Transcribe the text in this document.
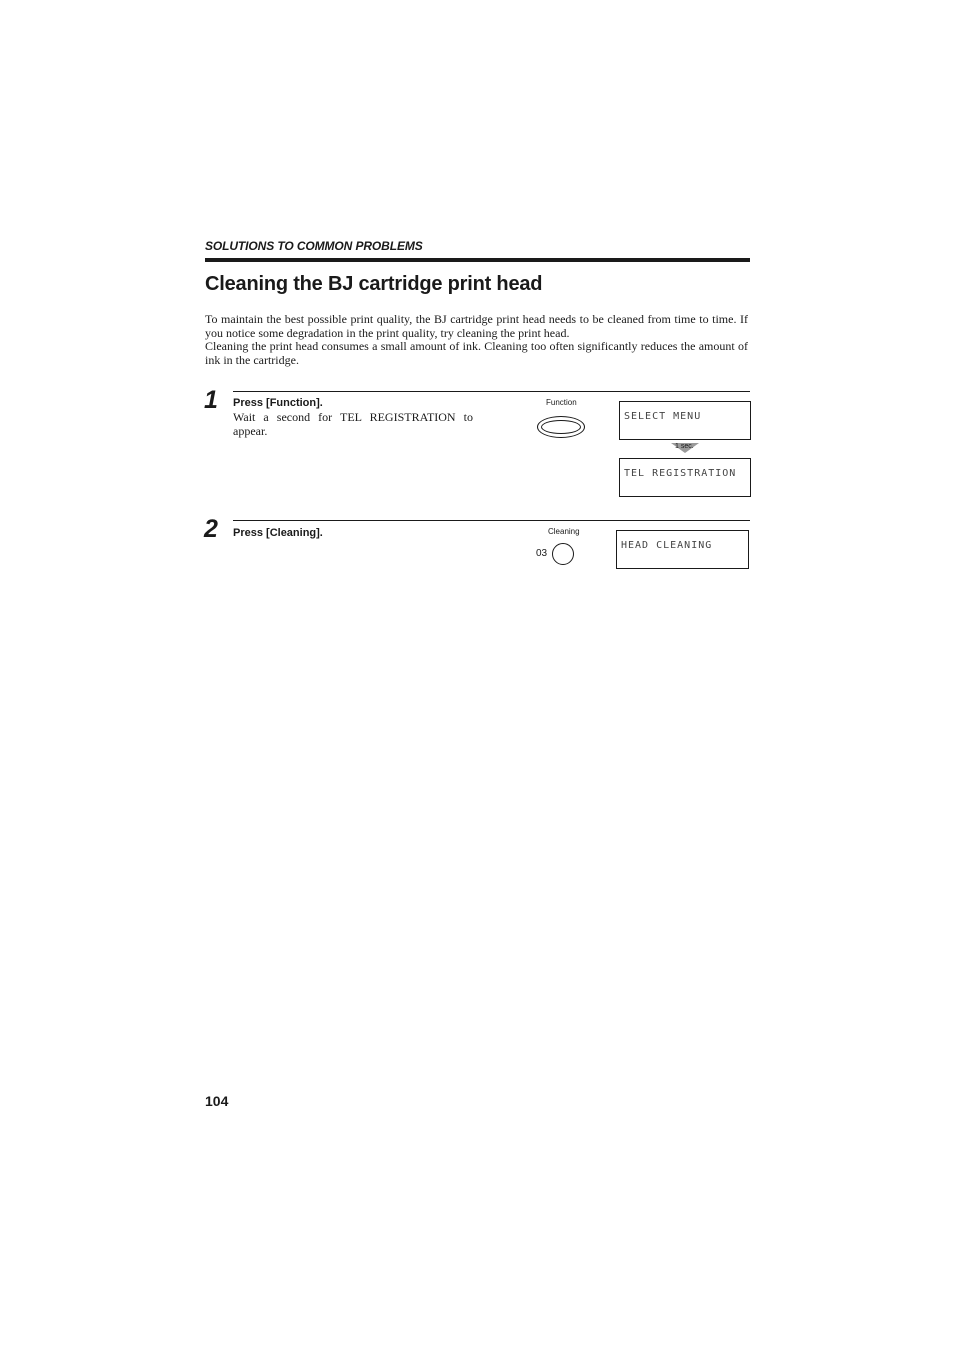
SOLUTIONS TO COMMON PROBLEMS
Cleaning the BJ cartridge print head

To maintain the best possible print quality, the BJ cartridge print head needs to be cleaned from time to time. If you notice some degradation in the print quality, try cleaning the print head.

Cleaning the print head consumes a small amount of ink. Cleaning too often significantly reduces the amount of ink in the cartridge.

1 Press [Function].
Wait a second for TEL REGISTRATION to appear.
Function
SELECT MENU
1 sec.
TEL REGISTRATION
2 Press [Cleaning].	Cleaning
03
HEAD CLEANING
104
